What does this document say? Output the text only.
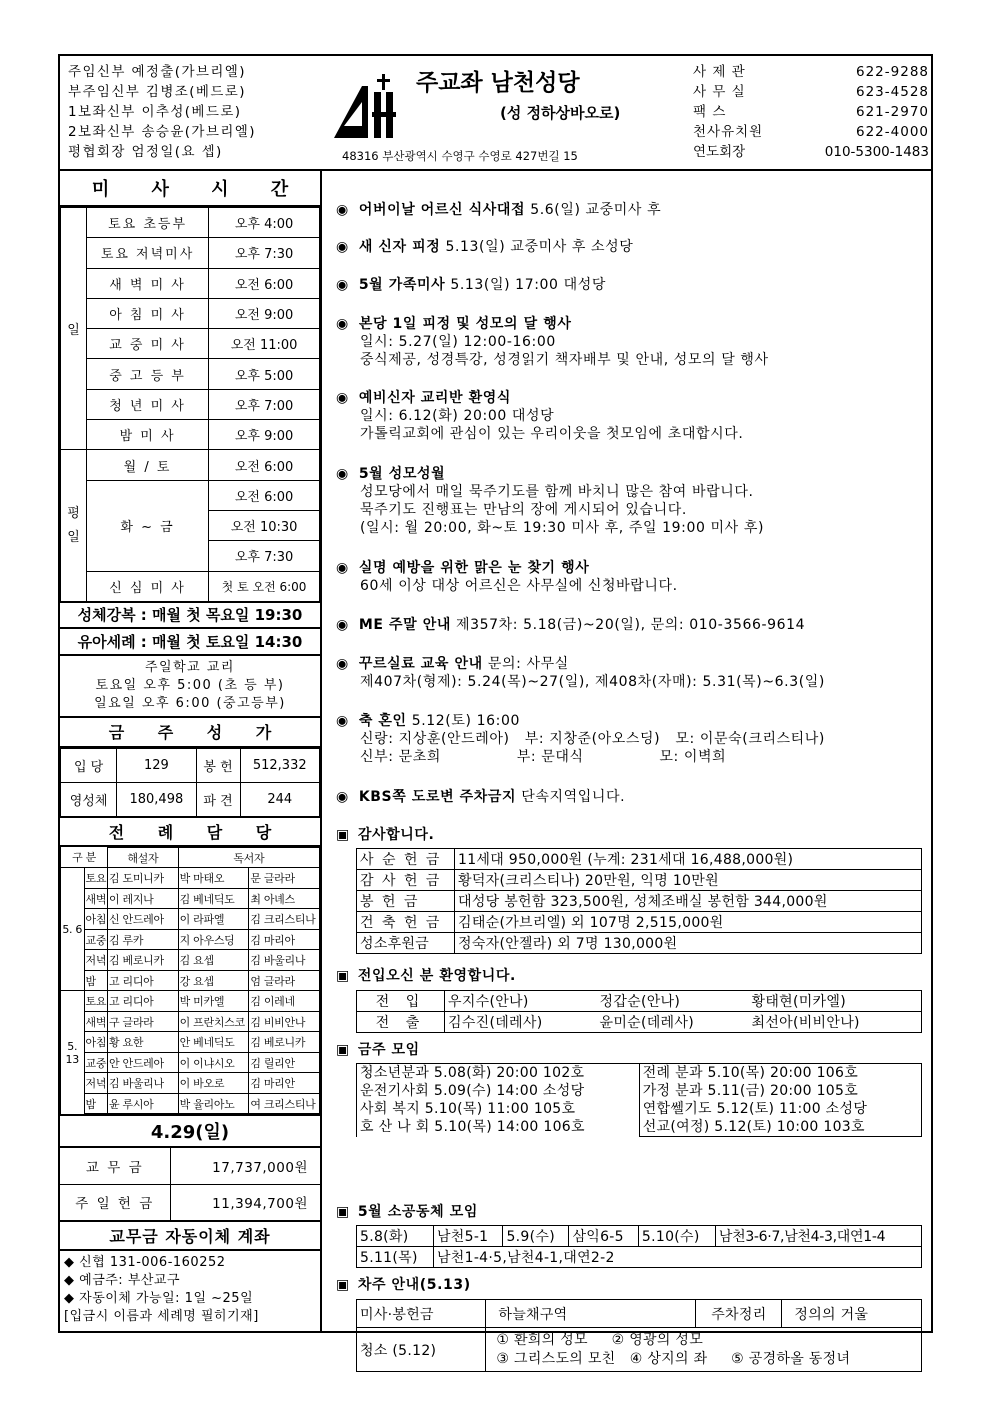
주임신부 예정출(가브리엘)
부주임신부 김병조(베드로)
1보좌신부 이추성(베드로)
2보좌신부 송승윤(가브리엘)
평협회장 엄정일(요 셉)
주교좌 남천성당
(성 정하상바오로)
48316 부산광역시 수영구 수영로 427번길 15
사 제 관	622-9288
사 무 실	623-4528
팩 스	621-2970
천사유치원	622-4000
연도회장	010-5300-1483
미 사 시 간
일	토요 초등부	오후 4:00
	토요 저녁미사	오후 7:30
	새 벽 미 사	오전 6:00
	아 침 미 사	오전 9:00
	교 중 미 사	오전 11:00
	중 고 등 부	오후 5:00
	청 년 미 사	오후 7:00
	밤 미 사	오후 9:00
평일	월 / 토	오전 6:00
	화 ~ 금	오전 6:00
		오전 10:30
		오후 7:30
	신 심 미 사	첫 토 오전 6:00
성체강복 : 매월 첫 목요일 19:30
유아세례 : 매월 첫 토요일 14:30
주일학교 교리
토요일 오후 5:00 (초 등 부)
일요일 오후 6:00 (중고등부)
금 주 성 가
입 당	129	봉 헌	512,332
영성체	180,498	파 견	244
전 례 담 당
구 분		해설자	독서자	
5. 6	토요	김 도미니카	박 마태오	문 글라라
	새벽	이 레지나	김 베네딕도	최 아녜스
	아침	신 안드레아	이 라파엘	김 크리스티나
	교중	김 루카	지 아우스딩	김 마리아
	저녁	김 베로니카	김 요셉	김 바울리나
	밤	고 리디아	강 요셉	엄 글라라
5. 13	토요	고 리디아	박 미카엘	김 이레네
	새벽	구 글라라	이 프란치스코	김 비비안나
	아침	황 요한	안 베네딕도	김 베로니카
	교중	안 안드레아	이 이냐시오	김 릴리안
	저녁	김 바울리나	이 바오로	김 마리안
	밤	윤 루시아	박 율리아노	여 크리스티나
4.29(일)
교 무 금	17,737,000원
주 일 헌 금	11,394,700원
교무금 자동이체 계좌
◆ 신협 131-006-160252
◆ 예금주: 부산교구
◆ 자동이체 가능일: 1일 ~25일
[입금시 이름과 세례명 필히기재]
◉ 어버이날 어르신 식사대접 5.6(일) 교중미사 후
◉ 새 신자 피정 5.13(일) 교중미사 후 소성당
◉ 5월 가족미사 5.13(일) 17:00 대성당
◉ 본당 1일 피정 및 성모의 달 행사
일시: 5.27(일) 12:00-16:00
중식제공, 성경특강, 성경읽기 책자배부 및 안내, 성모의 달 행사
◉ 예비신자 교리반 환영식
일시: 6.12(화) 20:00 대성당
가톨릭교회에 관심이 있는 우리이웃을 첫모임에 초대합시다.
◉ 5월 성모성월
성모당에서 매일 묵주기도를 함께 바치니 많은 참여 바랍니다.
묵주기도 진행표는 만남의 장에 게시되어 있습니다.
(일시: 월 20:00, 화~토 19:30 미사 후, 주일 19:00 미사 후)
◉ 실명 예방을 위한 맑은 눈 찾기 행사
60세 이상 대상 어르신은 사무실에 신청바랍니다.
◉ ME 주말 안내 제357차: 5.18(금)~20(일), 문의: 010-3566-9614
◉ 꾸르실료 교육 안내 문의: 사무실
제407차(형제): 5.24(목)~27(일), 제408차(자매): 5.31(목)~6.3(일)
◉ 축 혼인 5.12(토) 16:00
신랑: 지상훈(안드레아)   부: 지창준(아오스딩)   모: 이문숙(크리스티나)
신부: 문초희               부: 문대식               모: 이벽희
◉ KBS쪽 도로변 주차금지 단속지역입니다.
▣ 감사합니다.
사 순 헌 금	11세대 950,000원 (누계: 231세대 16,488,000원)
감 사 헌 금	황덕자(크리스티나) 20만원, 익명 10만원
봉 헌 금	대성당 봉헌함 323,500원, 성체조배실 봉헌함 344,000원
건 축 헌 금	김태순(가브리엘) 외 107명 2,515,000원
성소후원금	정숙자(안젤라) 외 7명 130,000원
▣ 전입오신 분 환영합니다.
전 입	우지수(안나)	정갑순(안나)	황태현(미카엘)
전 출	김수진(데레사)	윤미순(데레사)	최선아(비비안나)
▣ 금주 모임
청소년분과 5.08(화) 20:00 102호
운전기사회 5.09(수) 14:00 소성당
사회 복지 5.10(목) 11:00 105호
호 산 나 회 5.10(목) 14:00 106호

전례 분과 5.10(목) 20:00 106호
가정 분과 5.11(금) 20:00 105호
연합쎌기도 5.12(토) 11:00 소성당
선교(여정) 5.12(토) 10:00 103호
▣ 5월 소공동체 모임
5.8(화)	남천5-1	5.9(수)	삼익6-5	5.10(수)	남천3-6·7,남천4-3,대연1-4
5.11(목)	남천1-4·5,남천4-1,대연2-2				
▣ 차주 안내(5.13)
미사·봉헌금	하늘채구역	주차정리	정의의 거울
청소 (5.12)	① 환희의 성모     ② 영광의 성모
③ 그리스도의 모친   ④ 상지의 좌     ⑤ 공경하올 동정녀		
